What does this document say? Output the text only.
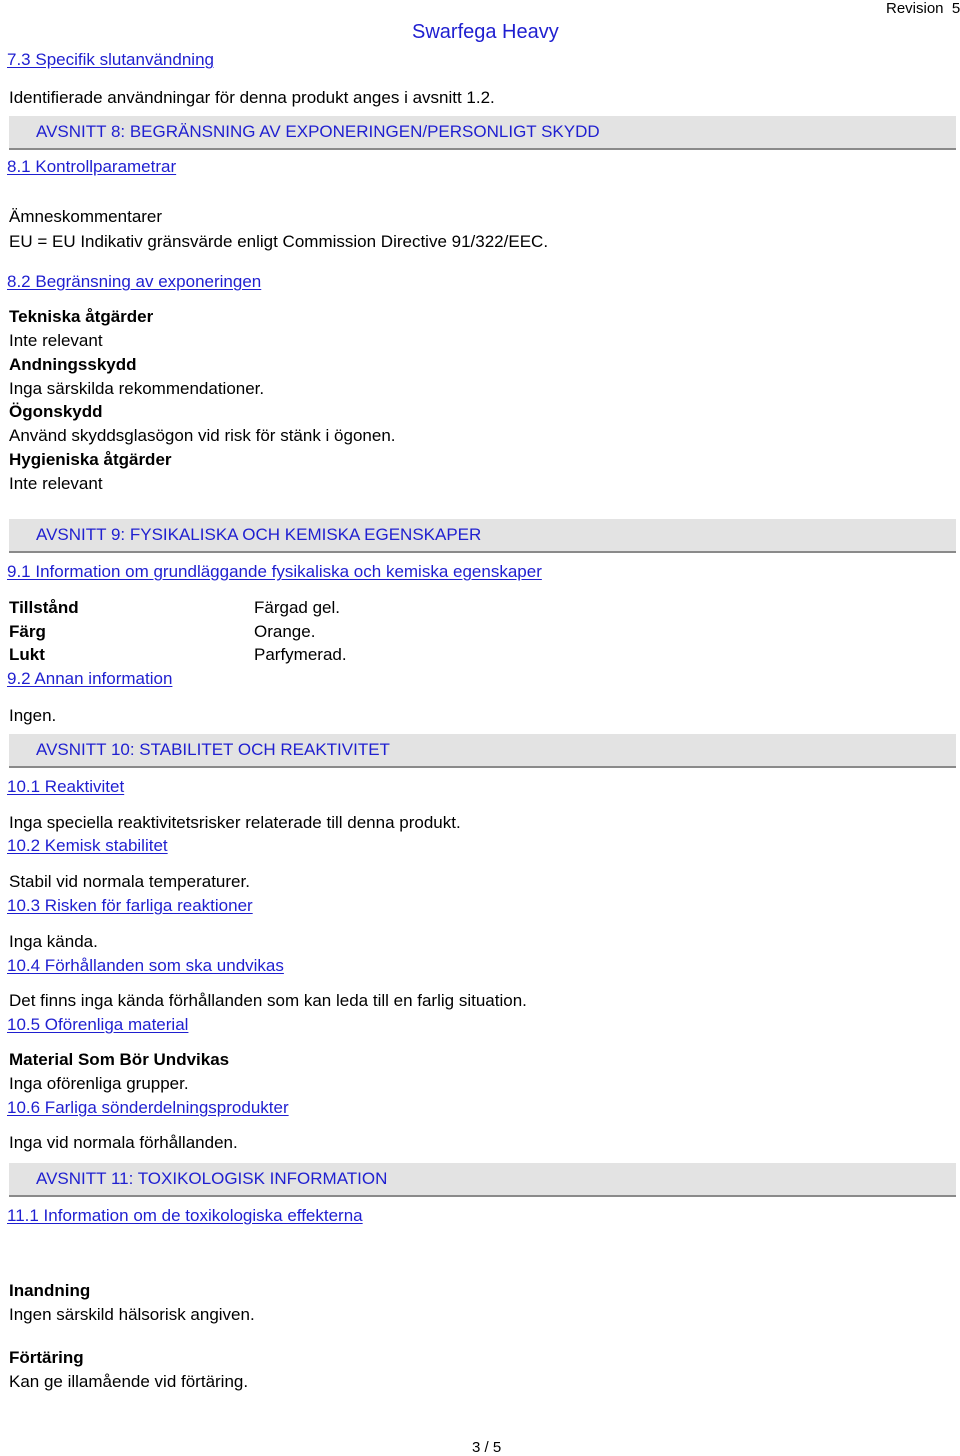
Swarfega Heavy
Revision 5
7.3 Specifik slutanvändning
Identifierade användningar för denna produkt anges i avsnitt 1.2.
AVSNITT 8: BEGRÄNSNING AV EXPONERINGEN/PERSONLIGT SKYDD
8.1 Kontrollparametrar
Ämneskommentarer
EU = EU Indikativ gränsvärde enligt Commission Directive 91/322/EEC.
8.2 Begränsning av exponeringen
Tekniska åtgärder
Inte relevant
Andningsskydd
Inga särskilda rekommendationer.
Ögonskydd
Använd skyddsglasögon vid risk för stänk i ögonen.
Hygieniska åtgärder
Inte relevant
AVSNITT 9: FYSIKALISKA OCH KEMISKA EGENSKAPER
9.1 Information om grundläggande fysikaliska och kemiska egenskaper
Tillstånd	Färgad gel.
Färg	Orange.
Lukt	Parfymerad.
9.2 Annan information
Ingen.
AVSNITT 10: STABILITET OCH REAKTIVITET
10.1 Reaktivitet
Inga speciella reaktivitetsrisker relaterade till denna produkt.
10.2 Kemisk stabilitet
Stabil vid normala temperaturer.
10.3 Risken för farliga reaktioner
Inga kända.
10.4 Förhållanden som ska undvikas
Det finns inga kända förhållanden som kan leda till en farlig situation.
10.5 Oförenliga material
Material Som Bör Undvikas
Inga oförenliga grupper.
10.6 Farliga sönderdelningsprodukter
Inga vid normala förhållanden.
AVSNITT 11: TOXIKOLOGISK INFORMATION
11.1 Information om de toxikologiska effekterna
Inandning
Ingen särskild hälsorisk angiven.
Förtäring
Kan ge illamående vid förtäring.
3 / 5
